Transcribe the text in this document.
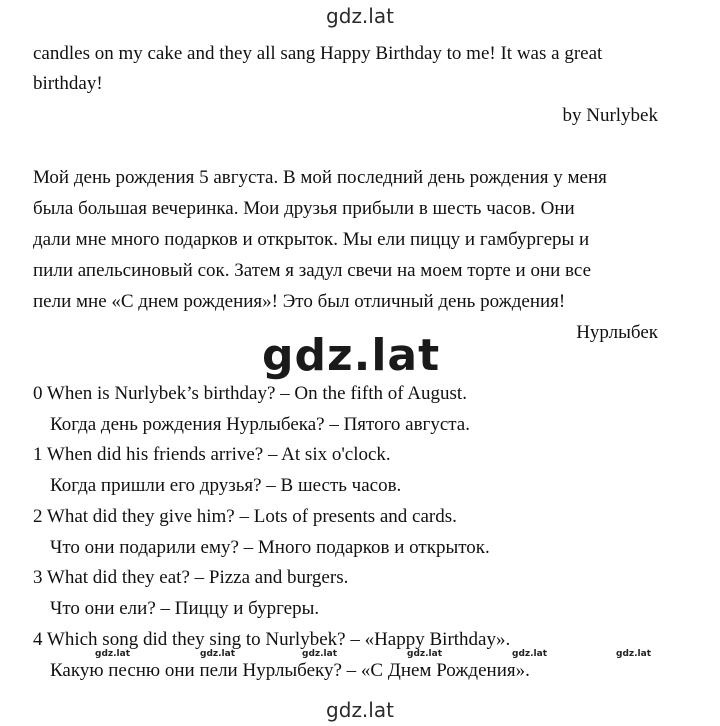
gdz.lat
candles on my cake and they all sang Happy Birthday to me! It was a great
birthday!
by Nurlybek
Мой день рождения 5 августа. В мой последний день рождения у меня
была большая вечеринка. Мои друзья прибыли в шесть часов. Они
дали мне много подарков и открыток. Мы ели пиццу и гамбургеры и
пили апельсиновый сок. Затем я задул свечи на моем торте и они все
пели мне «С днем рождения»! Это был отличный день рождения!
Нурлыбек
gdz.lat
0 When is Nurlybek’s birthday? – On the fifth of August.
Когда день рождения Нурлыбека? – Пятого августа.
1 When did his friends arrive? – At six o'clock.
Когда пришли его друзья? – В шесть часов.
2 What did they give him? – Lots of presents and cards.
Что они подарили ему? – Много подарков и открыток.
3 What did they eat? – Pizza and burgers.
Что они ели? – Пиццу и бургеры.
4 Which song did they sing to Nurlybek? – «Happy Birthday».
Какую песню они пели Нурлыбеку? – «С Днем Рождения».
gdz.lat	gdz.lat	gdz.lat	gdz.lat	gdz.lat	gdz.lat
gdz.lat
